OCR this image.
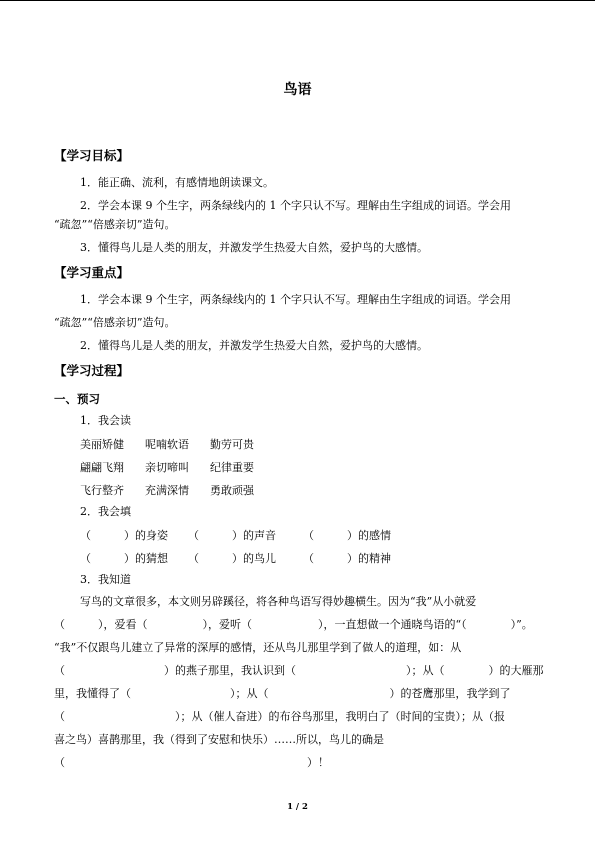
鸟语
【学习目标】
1．能正确、流利，有感情地朗读课文。
2．学会本课 9 个生字，两条绿线内的 1 个字只认不写。理解由生字组成的词语。学会用
“疏忽”“倍感亲切”造句。
3．懂得鸟儿是人类的朋友，并激发学生热爱大自然，爱护鸟的大感情。
【学习重点】
1．学会本课 9 个生字，两条绿线内的 1 个字只认不写。理解由生字组成的词语。学会用
“疏忽”“倍感亲切”造句。
2．懂得鸟儿是人类的朋友，并激发学生热爱大自然，爱护鸟的大感情。
【学习过程】
一、预习
1．我会读
美丽矫健 呢喃软语 勤劳可贵
翩翩飞翔 亲切啼叫 纪律重要
飞行整齐 充满深情 勇敢顽强
2．我会填
（　　　）的身姿 （　　　）的声音 （　　　）的感情
（　　　）的猜想 （　　　）的鸟儿 （　　　）的精神
3．我知道
写鸟的文章很多，本文则另辟蹊径，将各种鸟语写得妙趣横生。因为“我”从小就爱
（　　　），爱看（　　　　　），爱听（　　　　　　），一直想做一个通晓鸟语的“（　　　　）”。
“我”不仅跟鸟儿建立了异常的深厚的感情，还从鸟儿那里学到了做人的道理，如：从
（　　　　　　　　　）的燕子那里，我认识到（　　　　　　　　　　）；从（　　　　）的大雁那
里，我懂得了（　　　　　　　　　）；从（　　　　　　　　　　　）的苍鹰那里，我学到了
（　　　　　　　　　　）；从（催人奋进）的布谷鸟那里，我明白了（时间的宝贵）；从（报
喜之鸟）喜鹊那里，我（得到了安慰和快乐）……所以，鸟儿的确是
（　　　　　　　　　　　　　　　　　　　　　　）！
1 / 2
